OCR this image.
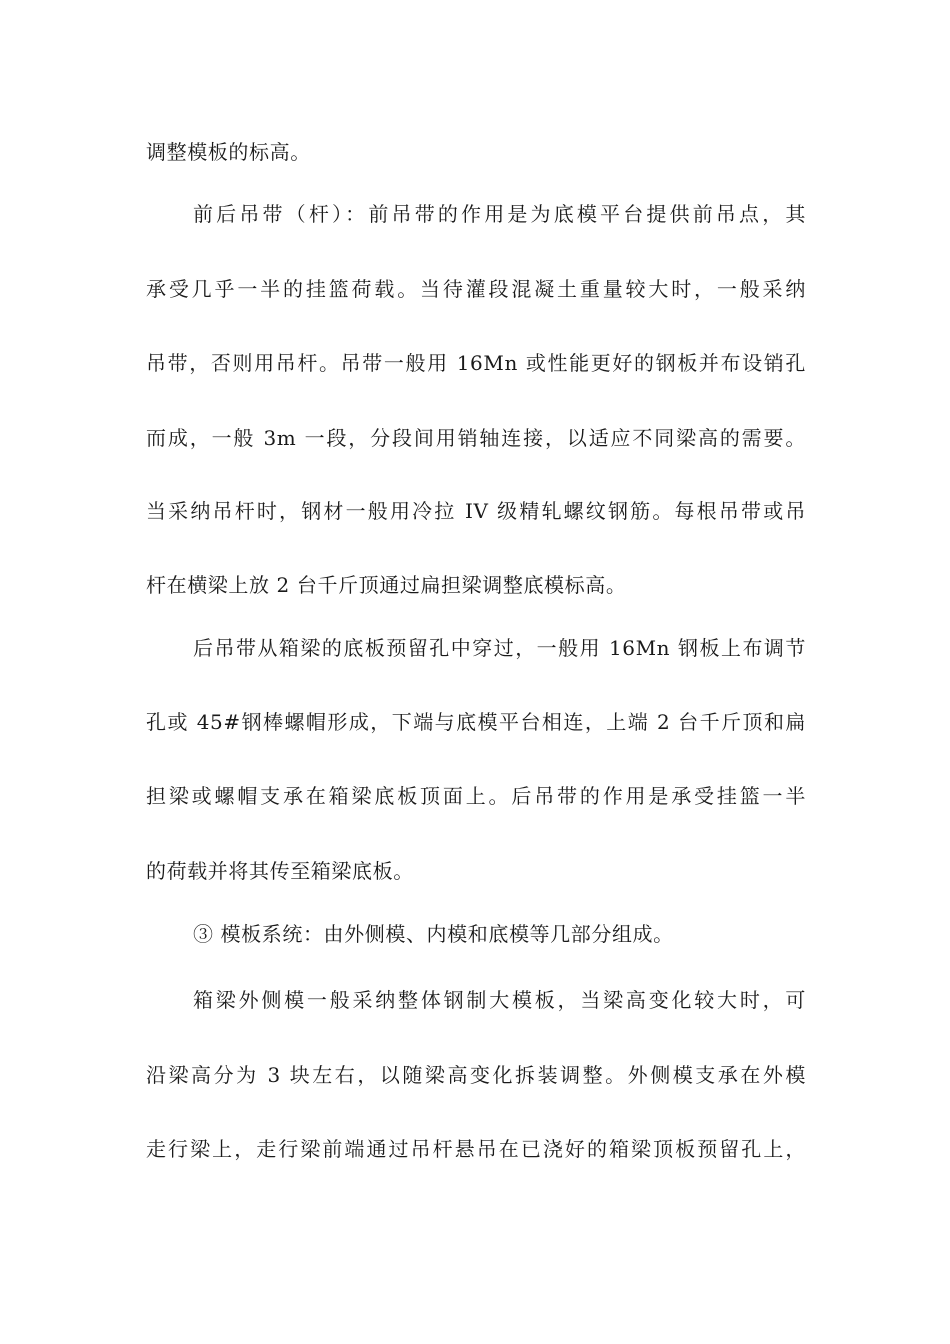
调整模板的标高。
前后吊带（杆）：前吊带的作用是为底模平台提供前吊点，其
承受几乎一半的挂篮荷载。当待灌段混凝土重量较大时，一般采纳
吊带，否则用吊杆。吊带一般用 16Mn 或性能更好的钢板并布设销孔
而成，一般 3m 一段，分段间用销轴连接，以适应不同梁高的需要。
当采纳吊杆时，钢材一般用冷拉 IV 级精轧螺纹钢筋。每根吊带或吊
杆在横梁上放 2 台千斤顶通过扁担梁调整底模标高。
后吊带从箱梁的底板预留孔中穿过，一般用 16Mn 钢板上布调节
孔或 45#钢棒螺帽形成，下端与底模平台相连，上端 2 台千斤顶和扁
担梁或螺帽支承在箱梁底板顶面上。后吊带的作用是承受挂篮一半
的荷载并将其传至箱梁底板。
③ 模板系统：由外侧模、内模和底模等几部分组成。
箱梁外侧模一般采纳整体钢制大模板，当梁高变化较大时，可
沿梁高分为 3 块左右，以随梁高变化拆装调整。外侧模支承在外模
走行梁上，走行梁前端通过吊杆悬吊在已浇好的箱梁顶板预留孔上，
